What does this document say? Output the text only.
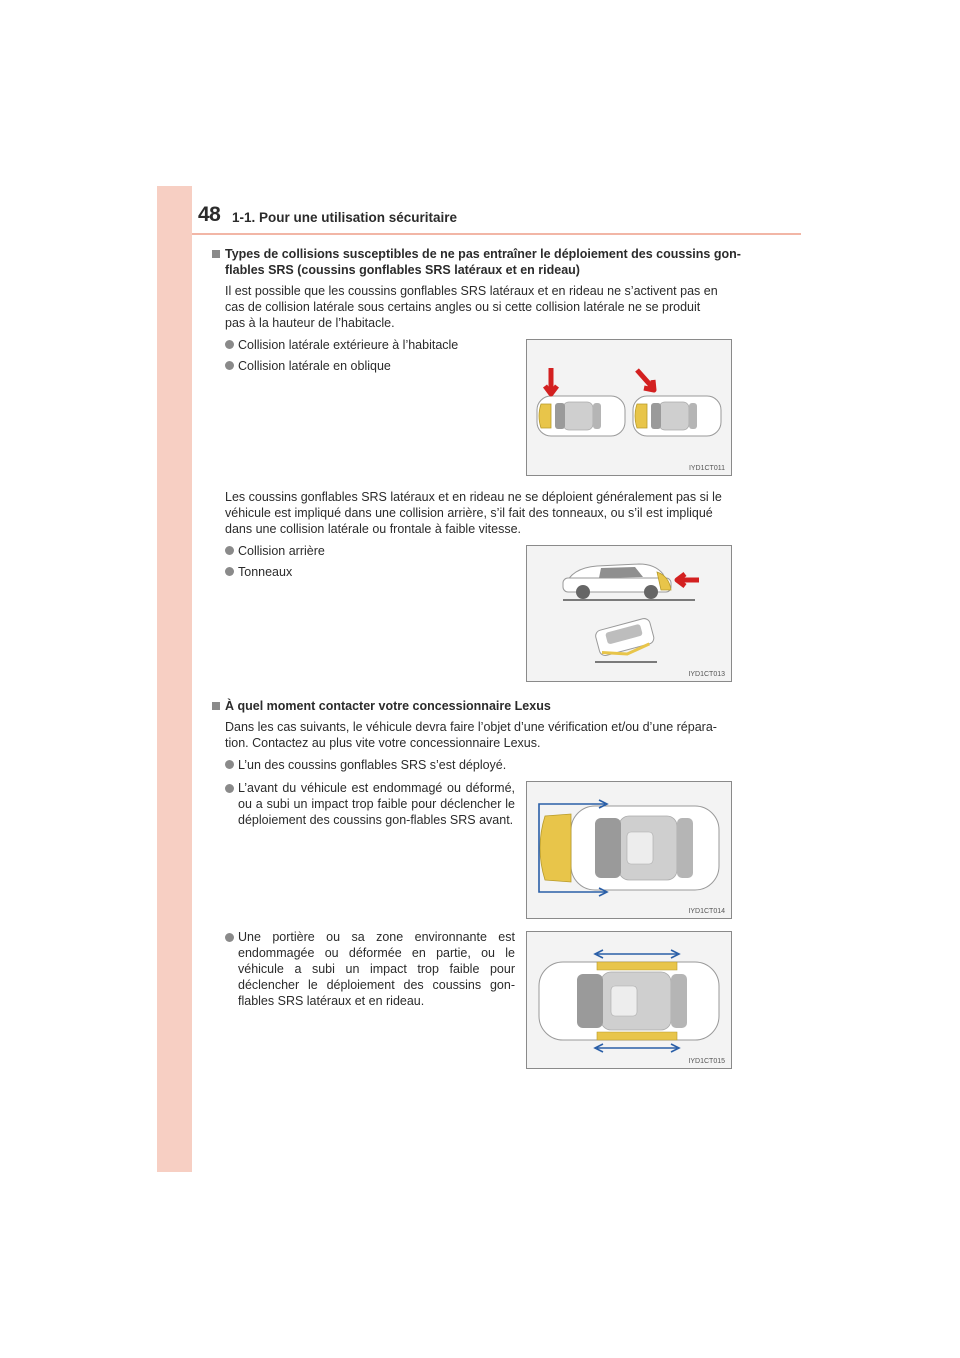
48 1-1. Pour une utilisation sécuritaire
Types de collisions susceptibles de ne pas entraîner le déploiement des coussins gon-
flables SRS (coussins gonflables SRS latéraux et en rideau)
Il est possible que les coussins gonflables SRS latéraux et en rideau ne s’activent pas en
cas de collision latérale sous certains angles ou si cette collision latérale ne se produit
pas à la hauteur de l’habitacle.
Collision latérale extérieure à l’habitacle
Collision latérale en oblique
IYD1CT011
Les coussins gonflables SRS latéraux et en rideau ne se déploient généralement pas si le
véhicule est impliqué dans une collision arrière, s’il fait des tonneaux, ou s’il est impliqué
dans une collision latérale ou frontale à faible vitesse.
Collision arrière
Tonneaux
IYD1CT013
À quel moment contacter votre concessionnaire Lexus
Dans les cas suivants, le véhicule devra faire l’objet d’une vérification et/ou d’une répara-
tion. Contactez au plus vite votre concessionnaire Lexus.
L’un des coussins gonflables SRS s’est déployé.
L’avant du véhicule est endommagé ou déformé, ou a subi un impact trop faible pour déclencher le déploiement des coussins gon-flables SRS avant.
IYD1CT014
Une portière ou sa zone environnante est endommagée ou déformée en partie, ou le véhicule a subi un impact trop faible pour déclencher le déploiement des coussins gon-flables SRS latéraux et en rideau.
IYD1CT015
